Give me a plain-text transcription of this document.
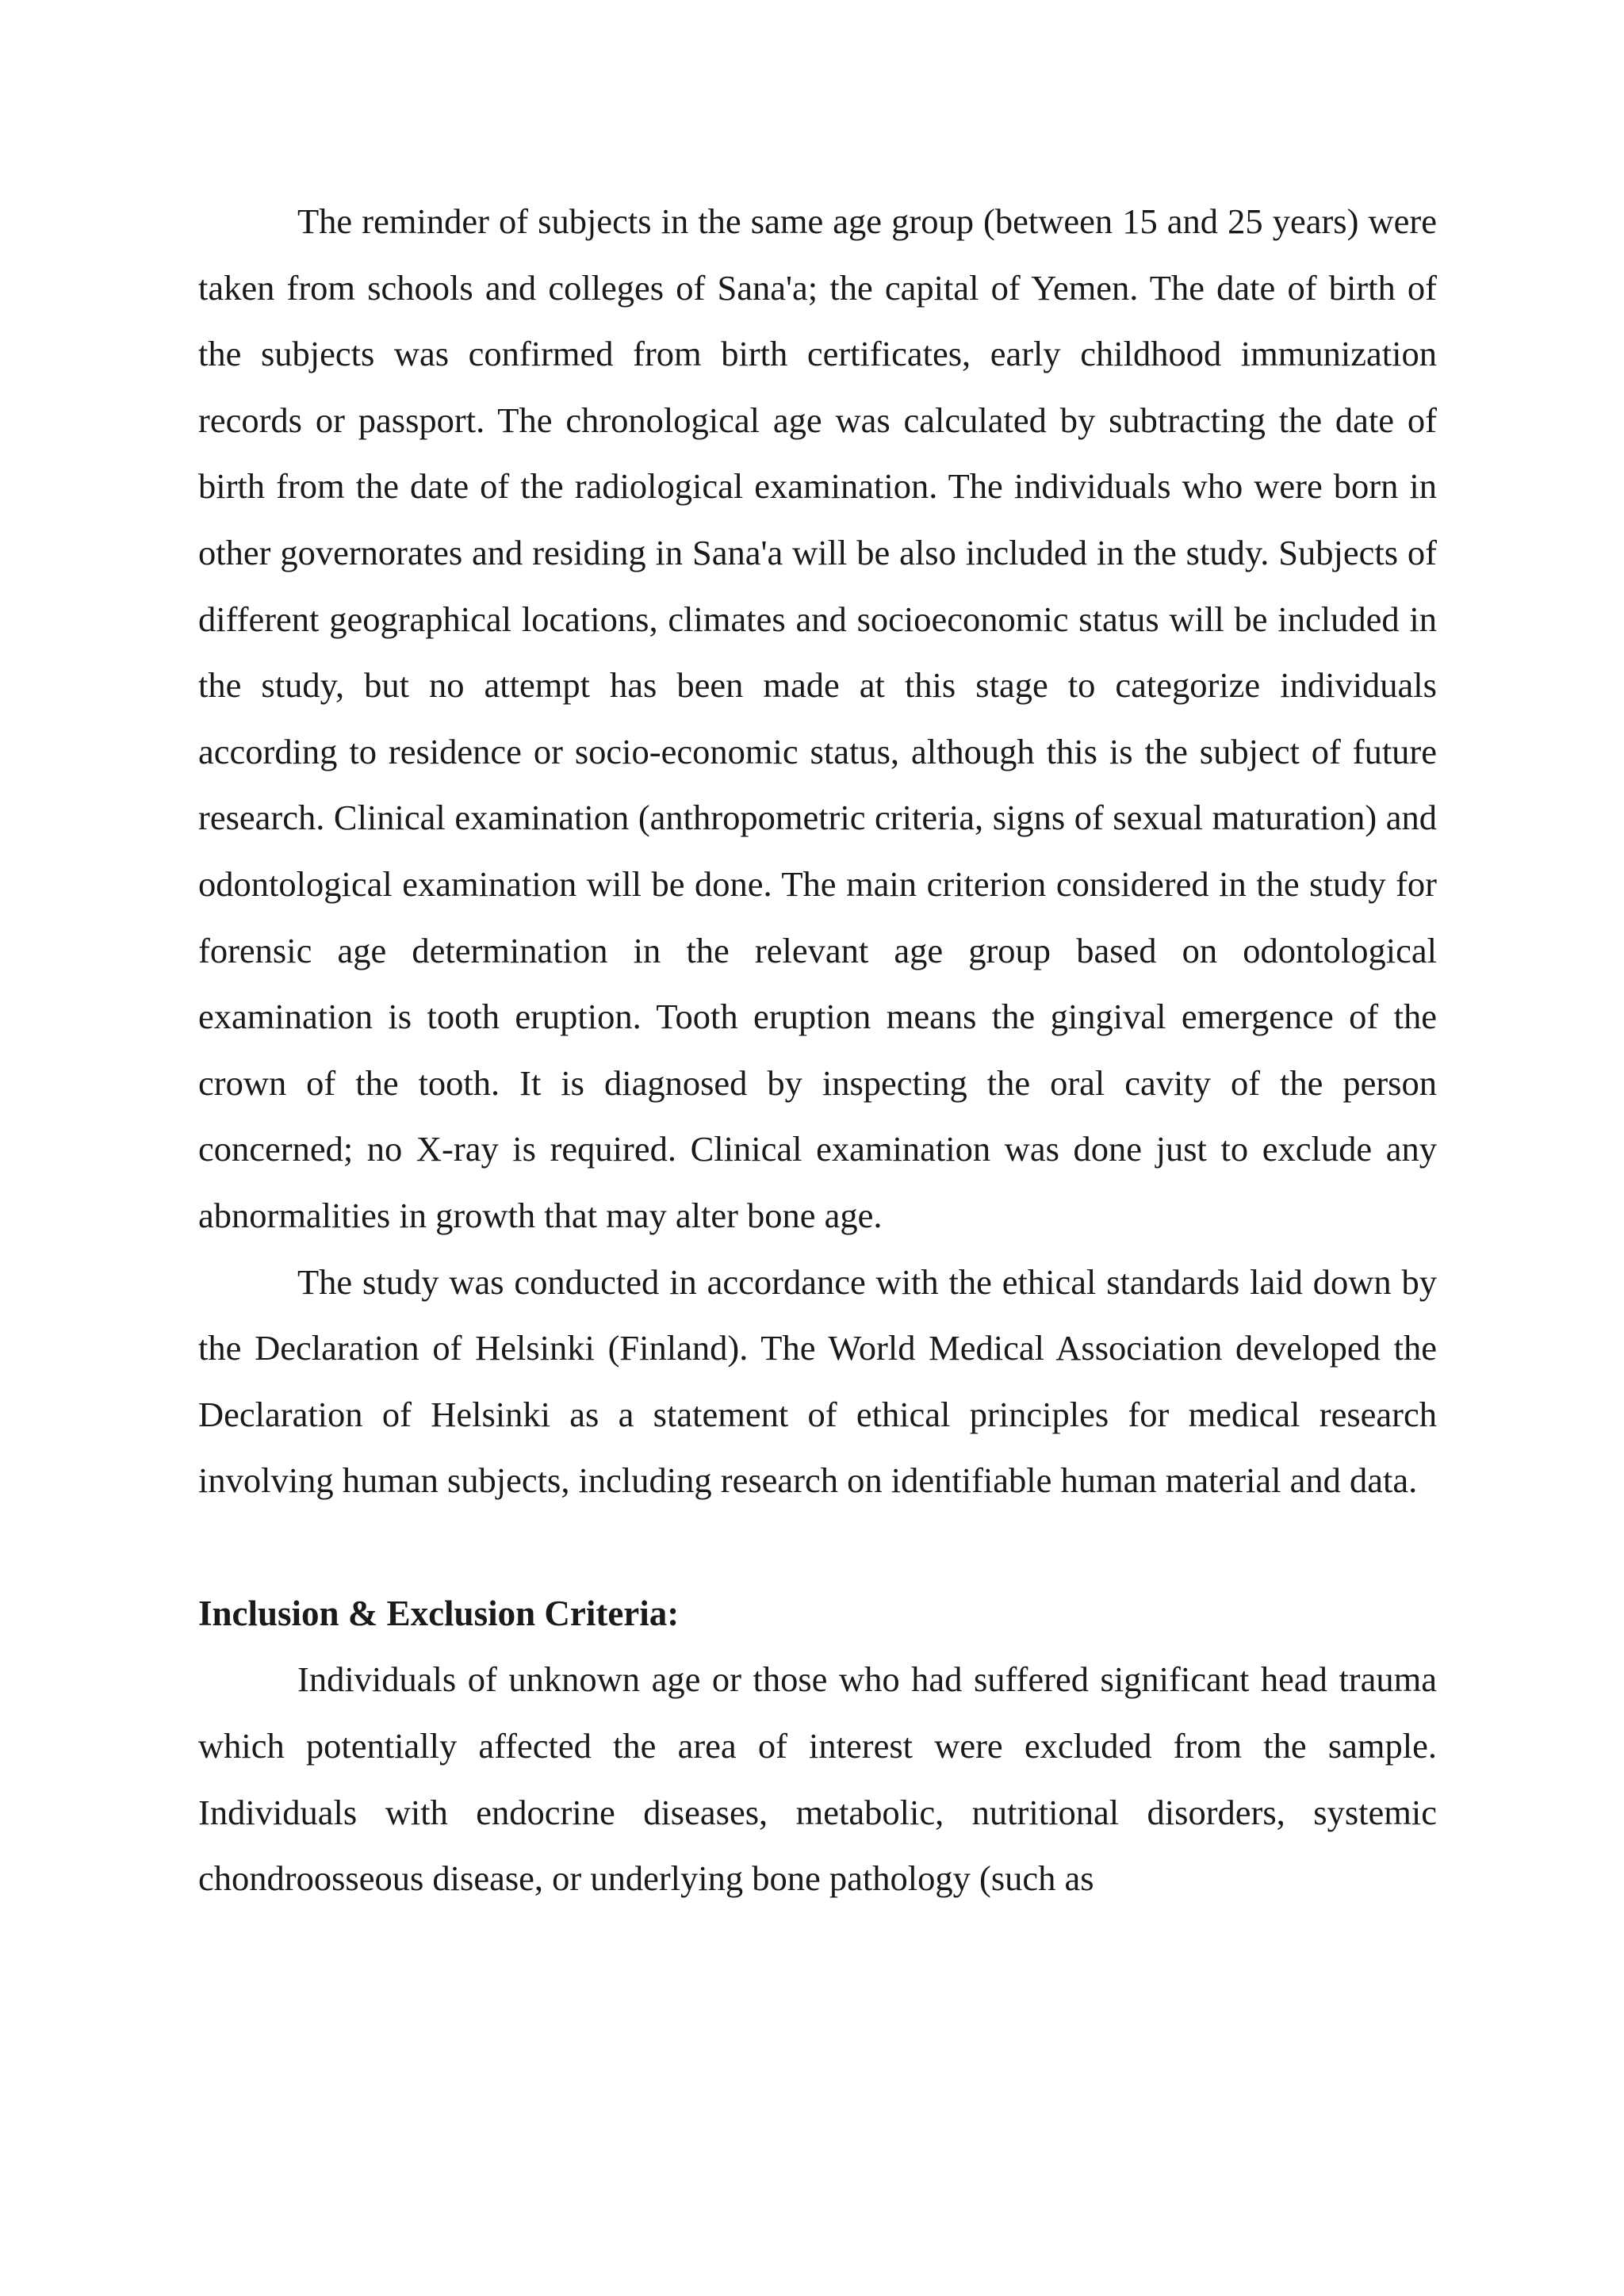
The reminder of subjects in the same age group (between 15 and 25 years) were taken from schools and colleges of Sana'a; the capital of Yemen. The date of birth of the subjects was confirmed from birth certificates, early childhood immunization records or passport. The chronological age was calculated by subtracting the date of birth from the date of the radiological examination. The individuals who were born in other governorates and residing in Sana'a will be also included in the study. Subjects of different geographical locations, climates and socioeconomic status will be included in the study, but no attempt has been made at this stage to categorize individuals according to residence or socio-economic status, although this is the subject of future research. Clinical examination (anthropometric criteria, signs of sexual maturation) and odontological examination will be done. The main criterion considered in the study for forensic age determination in the relevant age group based on odontological examination is tooth eruption. Tooth eruption means the gingival emergence of the crown of the tooth. It is diagnosed by inspecting the oral cavity of the person concerned; no X-ray is required. Clinical examination was done just to exclude any abnormalities in growth that may alter bone age.

The study was conducted in accordance with the ethical standards laid down by the Declaration of Helsinki (Finland). The World Medical Association developed the Declaration of Helsinki as a statement of ethical principles for medical research involving human subjects, including research on identifiable human material and data.

Inclusion & Exclusion Criteria:

Individuals of unknown age or those who had suffered significant head trauma which potentially affected the area of interest were excluded from the sample. Individuals with endocrine diseases, metabolic, nutritional disorders, systemic chondroosseous disease, or underlying bone pathology (such as
